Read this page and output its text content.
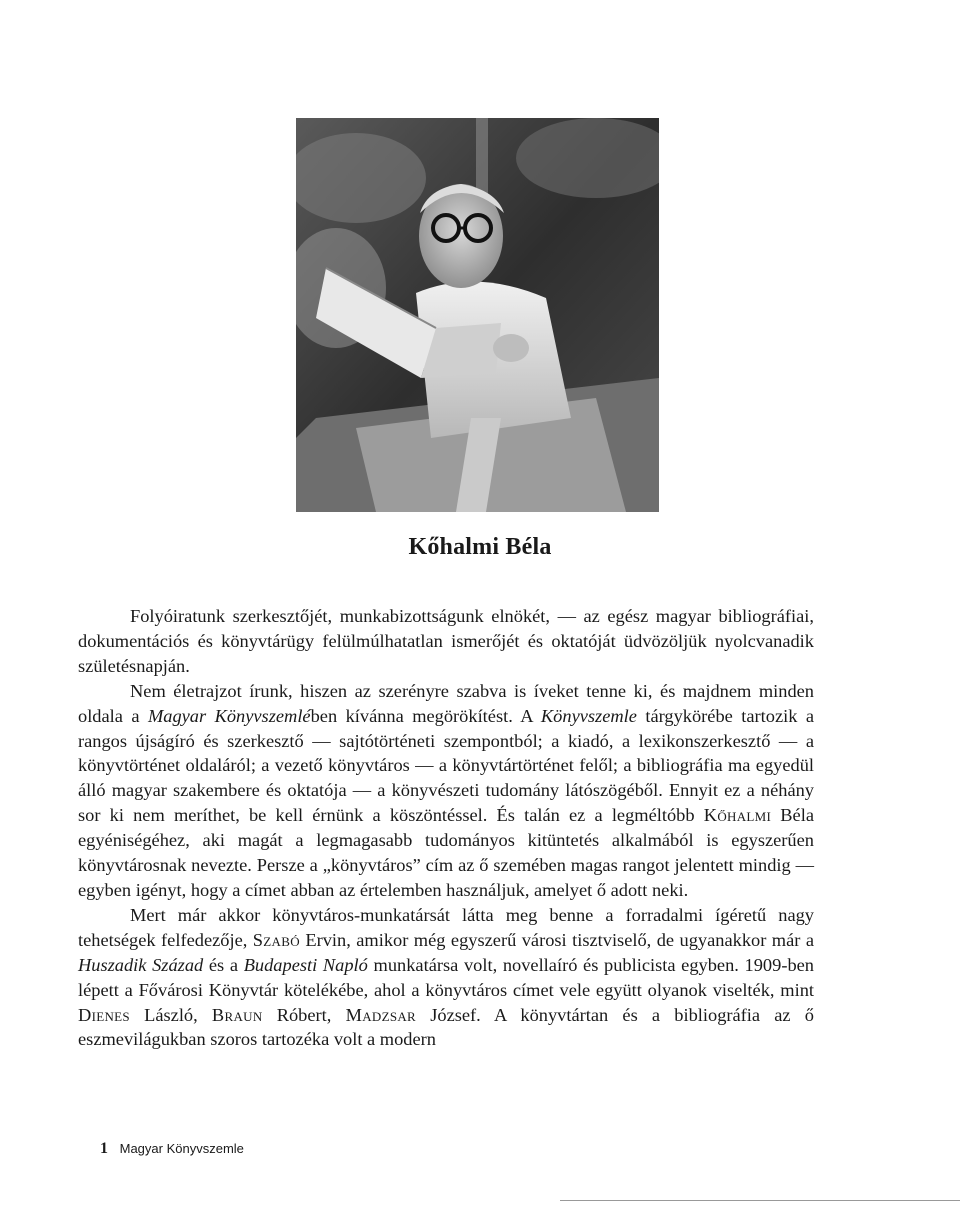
Kőhalmi Béla

Folyóiratunk szerkesztőjét, munkabizottságunk elnökét, — az egész magyar bibliográfiai, dokumentációs és könyvtárügy felülmúlhatatlan ismerőjét és oktatóját üdvözöljük nyolcvanadik születésnapján.

Nem életrajzot írunk, hiszen az szerényre szabva is íveket tenne ki, és majdnem minden oldala a Magyar Könyvszemlében kívánna megörökítést. A Könyvszemle tárgykörébe tartozik a rangos újságíró és szerkesztő — sajtótörténeti szempontból; a kiadó, a lexikonszerkesztő — a könyvtörténet oldaláról; a vezető könyvtáros — a könyvtártörténet felől; a bibliográfia ma egyedül álló magyar szakembere és oktatója — a könyvészeti tudomány látószögéből. Ennyit ez a néhány sor ki nem meríthet, be kell érnünk a köszöntéssel. És talán ez a legméltóbb Kőhalmi Béla egyéniségéhez, aki magát a legmagasabb tudományos kitüntetés alkalmából is egyszerűen könyvtárosnak nevezte. Persze a „könyvtáros” cím az ő szemében magas rangot jelentett mindig — egyben igényt, hogy a címet abban az értelemben használjuk, amelyet ő adott neki.

Mert már akkor könyvtáros-munkatársát látta meg benne a forradalmi ígéretű nagy tehetségek felfedezője, Szabó Ervin, amikor még egyszerű városi tisztviselő, de ugyanakkor már a Huszadik Század és a Budapesti Napló munkatársa volt, novellaíró és publicista egyben. 1909-ben lépett a Fővárosi Könyvtár kötelékébe, ahol a könyvtáros címet vele együtt olyanok viselték, mint Dienes László, Braun Róbert, Madzsar József. A könyvtártan és a bibliográfia az ő eszmevilágukban szoros tartozéka volt a modern

1 Magyar Könyvszemle
